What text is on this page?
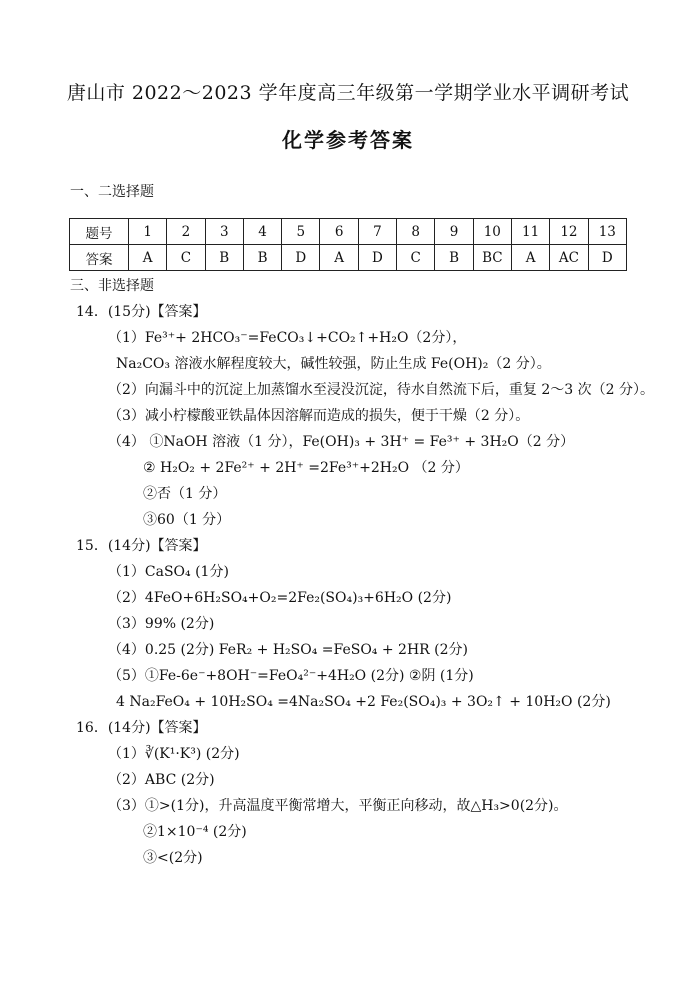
唐山市 2022～2023 学年度高三年级第一学期学业水平调研考试
化学参考答案
一、二选择题
题号	1	2	3	4	5	6	7	8	9	10	11	12	13
答案	A	C	B	B	D	A	D	C	B	BC	A	AC	D
三、非选择题
14．(15分)【答案】
（1）Fe³⁺+ 2HCO₃⁻=FeCO₃↓+CO₂↑+H₂O（2分），
Na₂CO₃ 溶液水解程度较大，碱性较强，防止生成 Fe(OH)₂（2 分）。
（2）向漏斗中的沉淀上加蒸馏水至浸没沉淀，待水自然流下后，重复 2～3 次（2 分）。
（3）减小柠檬酸亚铁晶体因溶解而造成的损失，便于干燥（2 分）。
（4） ①NaOH 溶液（1 分），Fe(OH)₃ + 3H⁺ = Fe³⁺ + 3H₂O（2 分）
② H₂O₂ + 2Fe²⁺ + 2H⁺ =2Fe³⁺+2H₂O （2 分）
②否（1 分）
③60（1 分）
15．(14分)【答案】
（1）CaSO₄ (1分)
（2）4FeO+6H₂SO₄+O₂=2Fe₂(SO₄)₃+6H₂O (2分)
（3）99% (2分)
（4）0.25 (2分) FeR₂ + H₂SO₄ =FeSO₄ + 2HR (2分)
（5）①Fe-6e⁻+8OH⁻=FeO₄²⁻+4H₂O (2分) ②阴 (1分)
4 Na₂FeO₄ + 10H₂SO₄ =4Na₂SO₄ +2 Fe₂(SO₄)₃ + 3O₂↑ + 10H₂O (2分)
16．(14分)【答案】
（1）∛(K¹·K³) (2分)
（2）ABC (2分)
（3）①>(1分)，升高温度平衡常增大，平衡正向移动，故△H₃>0(2分)。
②1×10⁻⁴ (2分)
③<(2分)
